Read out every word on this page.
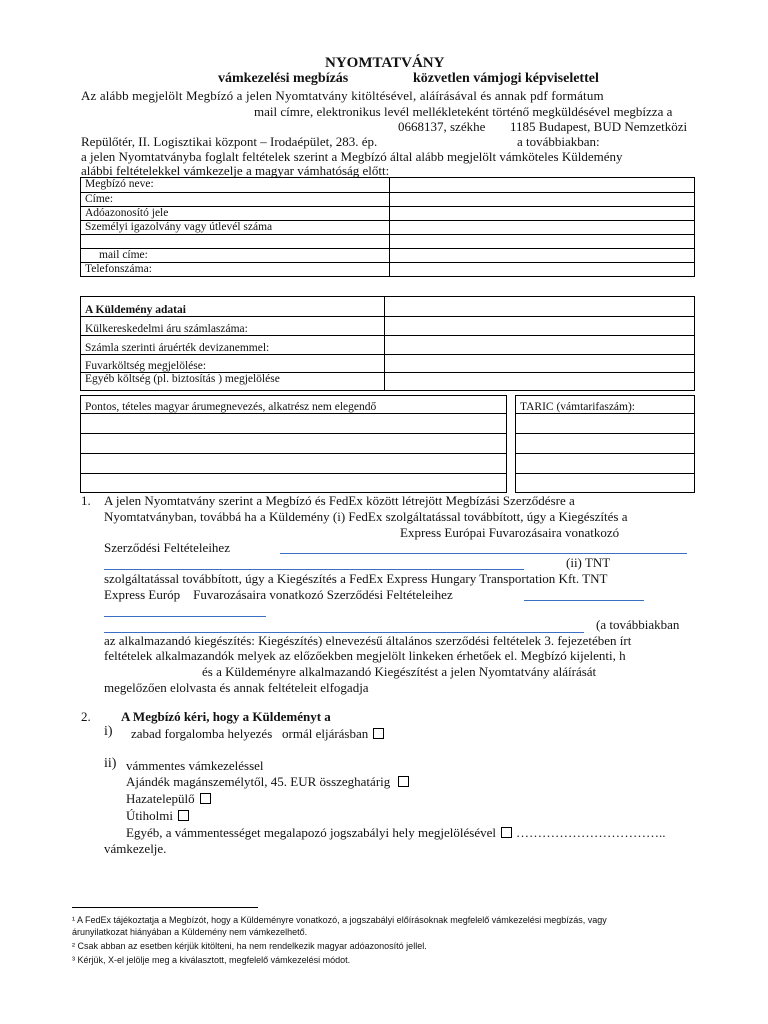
NYOMTATVÁNY
vámkezelési megbízás	közvetlen vámjogi képviselettel
Az alább megjelölt Megbízó a jelen Nyomtatvány kitöltésével, aláírásával és annak pdf formátum
mail címre, elektronikus levél mellékleteként történő megküldésével megbízza a
0668137, székhe 1185 Budapest, BUD Nemzetközi
Repülőtér, II. Logisztikai központ – Irodaépület, 283. ép.	a továbbiakban:
a jelen Nyomtatványba foglalt feltételek szerint a Megbízó által alább megjelölt vámköteles Küldemény
alábbi feltételekkel vámkezelje a magyar vámhatóság előtt:
Megbízó neve:	
Címe:	
Adóazonosító jele	
Személyi igazolvány vagy útlevél száma	

mail címe:	
Telefonszáma:	
A Küldemény adatai	
Külkereskedelmi áru számlaszáma:	
Számla szerinti áruérték devizanemmel:	
Fuvarköltség megjelölése:	
Egyéb költség (pl. biztosítás ) megjelölése	
Pontos, tételes magyar árumegnevezés, alkatrész nem elegendő	TARIC (vámtarifaszám):

1. A jelen Nyomtatvány szerint a Megbízó és FedEx között létrejött Megbízási Szerződésre a
Nyomtatványban, továbbá ha a Küldemény (i) FedEx szolgáltatással továbbított, úgy a Kiegészítés a
Express Európai Fuvarozásaira vonatkozó
Szerződési Feltételeihez
(ii) TNT
szolgáltatással továbbított, úgy a Kiegészítés a FedEx Express Hungary Transportation Kft. TNT
Express Európ    Fuvarozásaira vonatkozó Szerződési Feltételeihez
(a továbbiakban
az alkalmazandó kiegészítés: Kiegészítés) elnevezésű általános szerződési feltételek 3. fejezetében írt
feltételek alkalmazandók melyek az előzőekben megjelölt linkeken érhetőek el. Megbízó kijelenti, h
és a Küldeményre alkalmazandó Kiegészítést a jelen Nyomtatvány aláírását
megelőzően elolvasta és annak feltételeit elfogadja
2. A Megbízó kéri, hogy a Küldeményt a
i) zabad forgalomba helyezés   ormál eljárásban
ii) vámmentes vámkezeléssel
Ajándék magánszemélytől, 45. EUR összeghatárig
Hazatelepülő
Útiholmi
Egyéb, a vámmentességet megalapozó jogszabályi hely megjelölésével ……………………………..
vámkezelje.
¹ A FedEx tájékoztatja a Megbízót, hogy a Küldeményre vonatkozó, a jogszabályi előírásoknak megfelelő vámkezelési megbízás, vagy
árunyilatkozat hiányában a Küldemény nem vámkezelhető.
² Csak abban az esetben kérjük kitölteni, ha nem rendelkezik magyar adóazonosító jellel.
³ Kérjük, X-el jelölje meg a kiválasztott, megfelelő vámkezelési módot.
